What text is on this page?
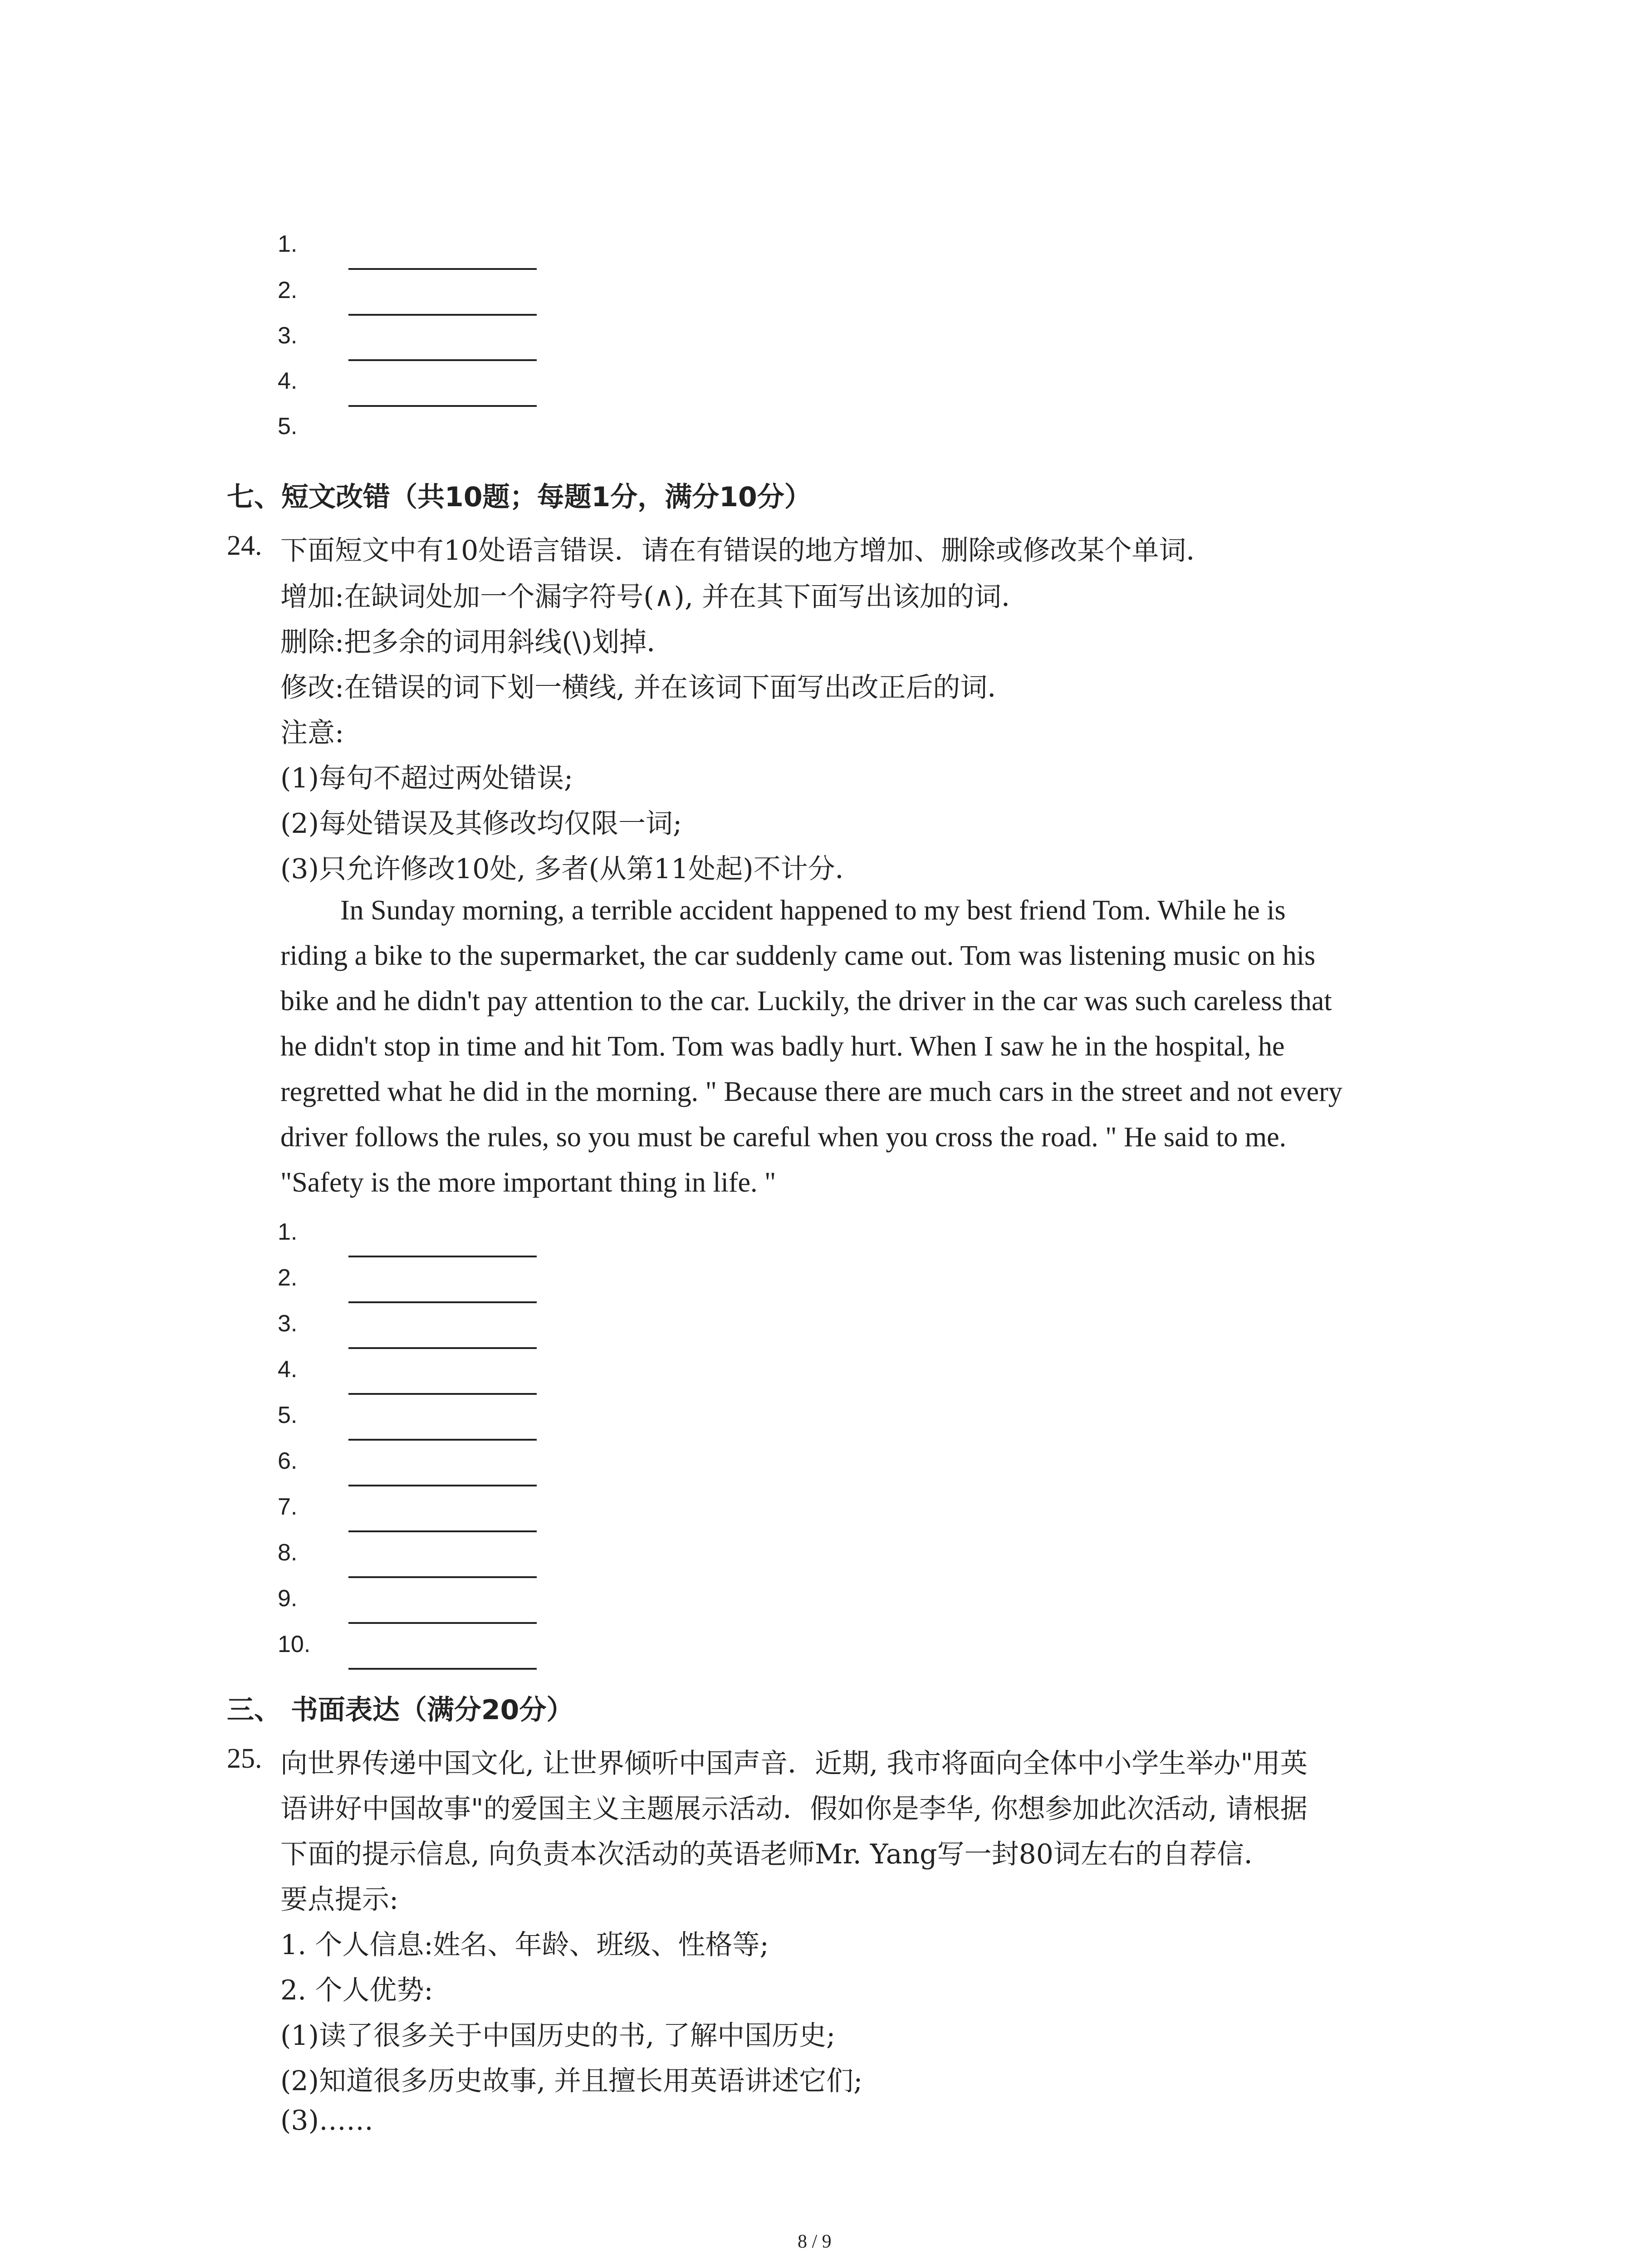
1.
2.
3.
4.
5.
七、短文改错（共10题；每题1分，满分10分）
24. 下面短文中有10处语言错误．请在有错误的地方增加、删除或修改某个单词．
增加:在缺词处加一个漏字符号(∧), 并在其下面写出该加的词．
删除:把多余的词用斜线(\)划掉．
修改:在错误的词下划一横线, 并在该词下面写出改正后的词．
注意:
(1)每句不超过两处错误;
(2)每处错误及其修改均仅限一词;
(3)只允许修改10处, 多者(从第11处起)不计分．
In Sunday morning, a terrible accident happened to my best friend Tom. While he is
riding a bike to the supermarket, the car suddenly came out. Tom was listening music on his
bike and he didn't pay attention to the car. Luckily, the driver in the car was such careless that
he didn't stop in time and hit Tom. Tom was badly hurt. When I saw he in the hospital, he
regretted what he did in the morning. " Because there are much cars in the street and not every
driver follows the rules, so you must be careful when you cross the road. " He said to me.
"Safety is the more important thing in life. "
1.
2.
3.
4.
5.
6.
7.
8.
9.
10.
三、 书面表达（满分20分）
25. 向世界传递中国文化, 让世界倾听中国声音．近期, 我市将面向全体中小学生举办"用英
语讲好中国故事"的爱国主义主题展示活动．假如你是李华, 你想参加此次活动, 请根据
下面的提示信息, 向负责本次活动的英语老师Mr. Yang写一封80词左右的自荐信．
要点提示:
1. 个人信息:姓名、年龄、班级、性格等;
2. 个人优势:
(1)读了很多关于中国历史的书, 了解中国历史;
(2)知道很多历史故事, 并且擅长用英语讲述它们;
(3)……
8 / 9
